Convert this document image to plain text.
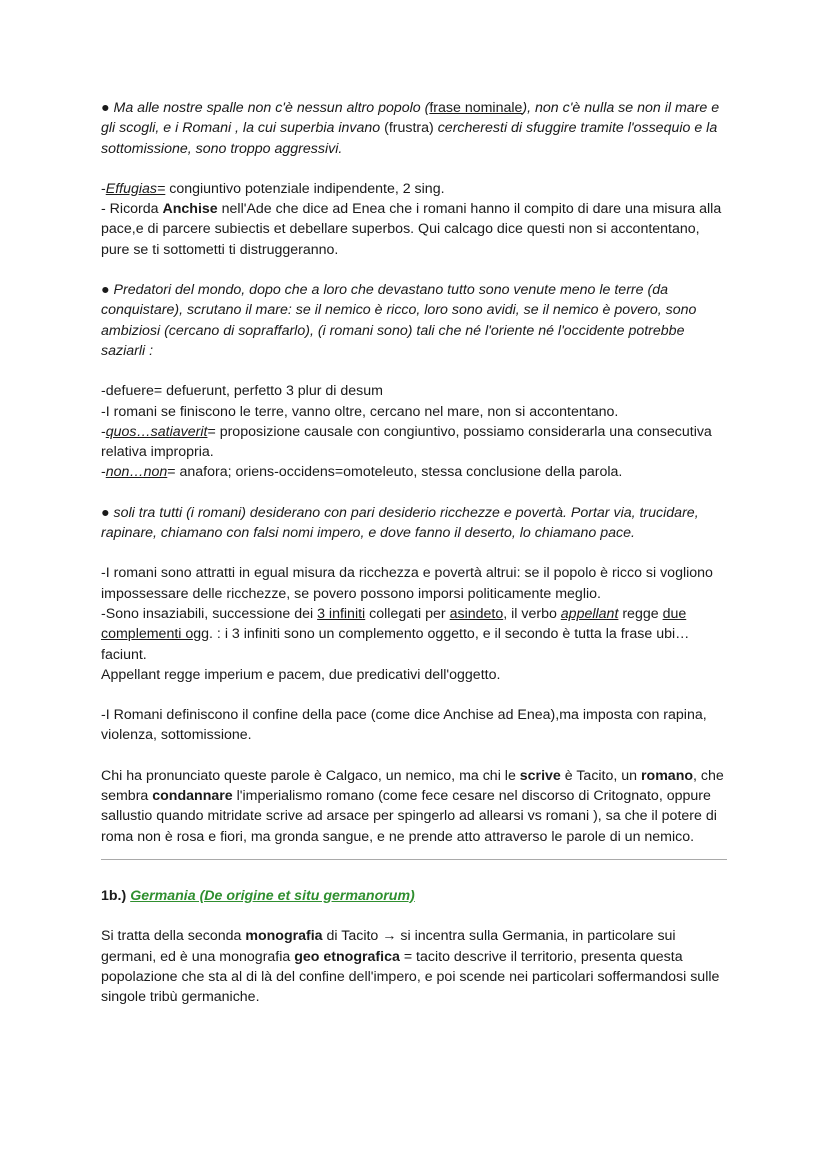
● Ma alle nostre spalle non c'è nessun altro popolo (frase nominale), non c'è nulla se non il mare e gli scogli, e i Romani , la cui superbia invano (frustra) cercheresti di sfuggire tramite l'ossequio e la sottomissione, sono troppo aggressivi.

-Effugias= congiuntivo potenziale indipendente, 2 sing.
- Ricorda Anchise nell'Ade che dice ad Enea che i romani hanno il compito di dare una misura alla pace,e di parcere subiectis et debellare superbos. Qui calcago dice questi non si accontentano, pure se ti sottometti ti distruggeranno.

● Predatori del mondo, dopo che a loro che devastano tutto sono venute meno le terre (da conquistare), scrutano il mare: se il nemico è ricco, loro sono avidi, se il nemico è povero, sono ambiziosi (cercano di sopraffarlo), (i romani sono) tali che né l'oriente né l'occidente potrebbe saziarli :

-defuere= defuerunt, perfetto 3 plur di desum
-I romani se finiscono le terre, vanno oltre, cercano nel mare, non si accontentano.
-quos…satiaverit= proposizione causale con congiuntivo, possiamo considerarla una consecutiva relativa impropria.
-non…non= anafora; oriens-occidens=omoteleuto, stessa conclusione della parola.

● soli tra tutti (i romani) desiderano con pari desiderio ricchezze e povertà. Portar via, trucidare, rapinare, chiamano con falsi nomi impero, e dove fanno il deserto, lo chiamano pace.

-I romani sono attratti in egual misura da ricchezza e povertà altrui: se il popolo è ricco si vogliono impossessare delle ricchezze, se povero possono imporsi politicamente meglio.
-Sono insaziabili, successione dei 3 infiniti collegati per asindeto, il verbo appellant regge due complementi ogg. : i 3 infiniti sono un complemento oggetto, e il secondo è tutta la frase ubi…faciunt.
Appellant regge imperium e pacem, due predicativi dell'oggetto.

-I Romani definiscono il confine della pace (come dice Anchise ad Enea),ma imposta con rapina, violenza, sottomissione.

Chi ha pronunciato queste parole è Calgaco, un nemico, ma chi le scrive è Tacito, un romano, che sembra condannare l'imperialismo romano (come fece cesare nel discorso di Critognato, oppure sallustio quando mitridate scrive ad arsace per spingerlo ad allearsi vs romani ), sa che il potere di roma non è rosa e fiori, ma gronda sangue, e ne prende atto attraverso le parole di un nemico.

1b.) Germania (De origine et situ germanorum)

Si tratta della seconda monografia di Tacito → si incentra sulla Germania, in particolare sui germani, ed è una monografia geo etnografica = tacito descrive il territorio, presenta questa popolazione che sta al di là del confine dell'impero, e poi scende nei particolari soffermandosi sulle singole tribù germaniche.
